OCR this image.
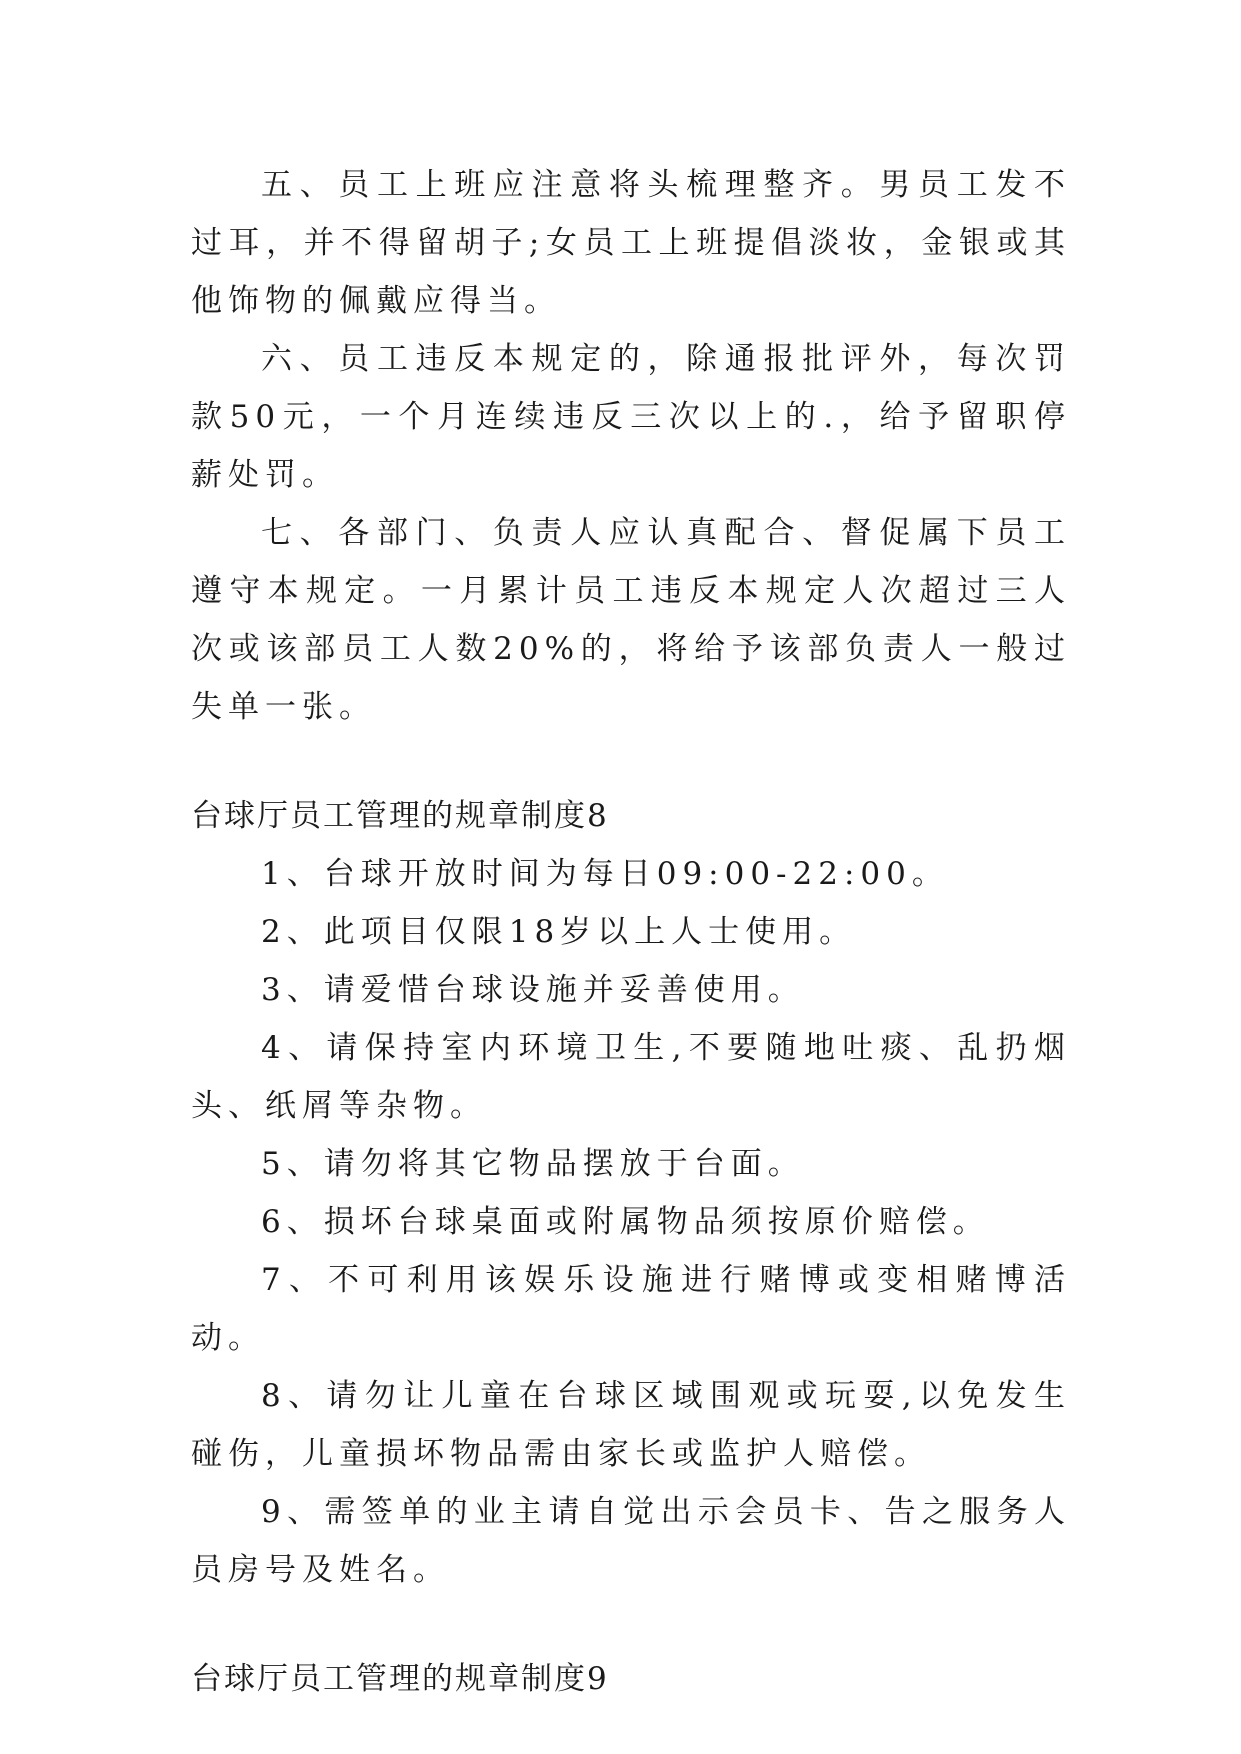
五、员工上班应注意将头梳理整齐。男员工发不过耳，并不得留胡子;女员工上班提倡淡妆，金银或其他饰物的佩戴应得当。

六、员工违反本规定的，除通报批评外，每次罚款50元，一个月连续违反三次以上的.，给予留职停薪处罚。

七、各部门、负责人应认真配合、督促属下员工遵守本规定。一月累计员工违反本规定人次超过三人次或该部员工人数20%的，将给予该部负责人一般过失单一张。

台球厅员工管理的规章制度8

1、台球开放时间为每日09:00-22:00。

2、此项目仅限18岁以上人士使用。

3、请爱惜台球设施并妥善使用。

4、请保持室内环境卫生,不要随地吐痰、乱扔烟头、纸屑等杂物。

5、请勿将其它物品摆放于台面。

6、损坏台球桌面或附属物品须按原价赔偿。

7、不可利用该娱乐设施进行赌博或变相赌博活动。

8、请勿让儿童在台球区域围观或玩耍,以免发生碰伤，儿童损坏物品需由家长或监护人赔偿。

9、需签单的业主请自觉出示会员卡、告之服务人员房号及姓名。

台球厅员工管理的规章制度9
